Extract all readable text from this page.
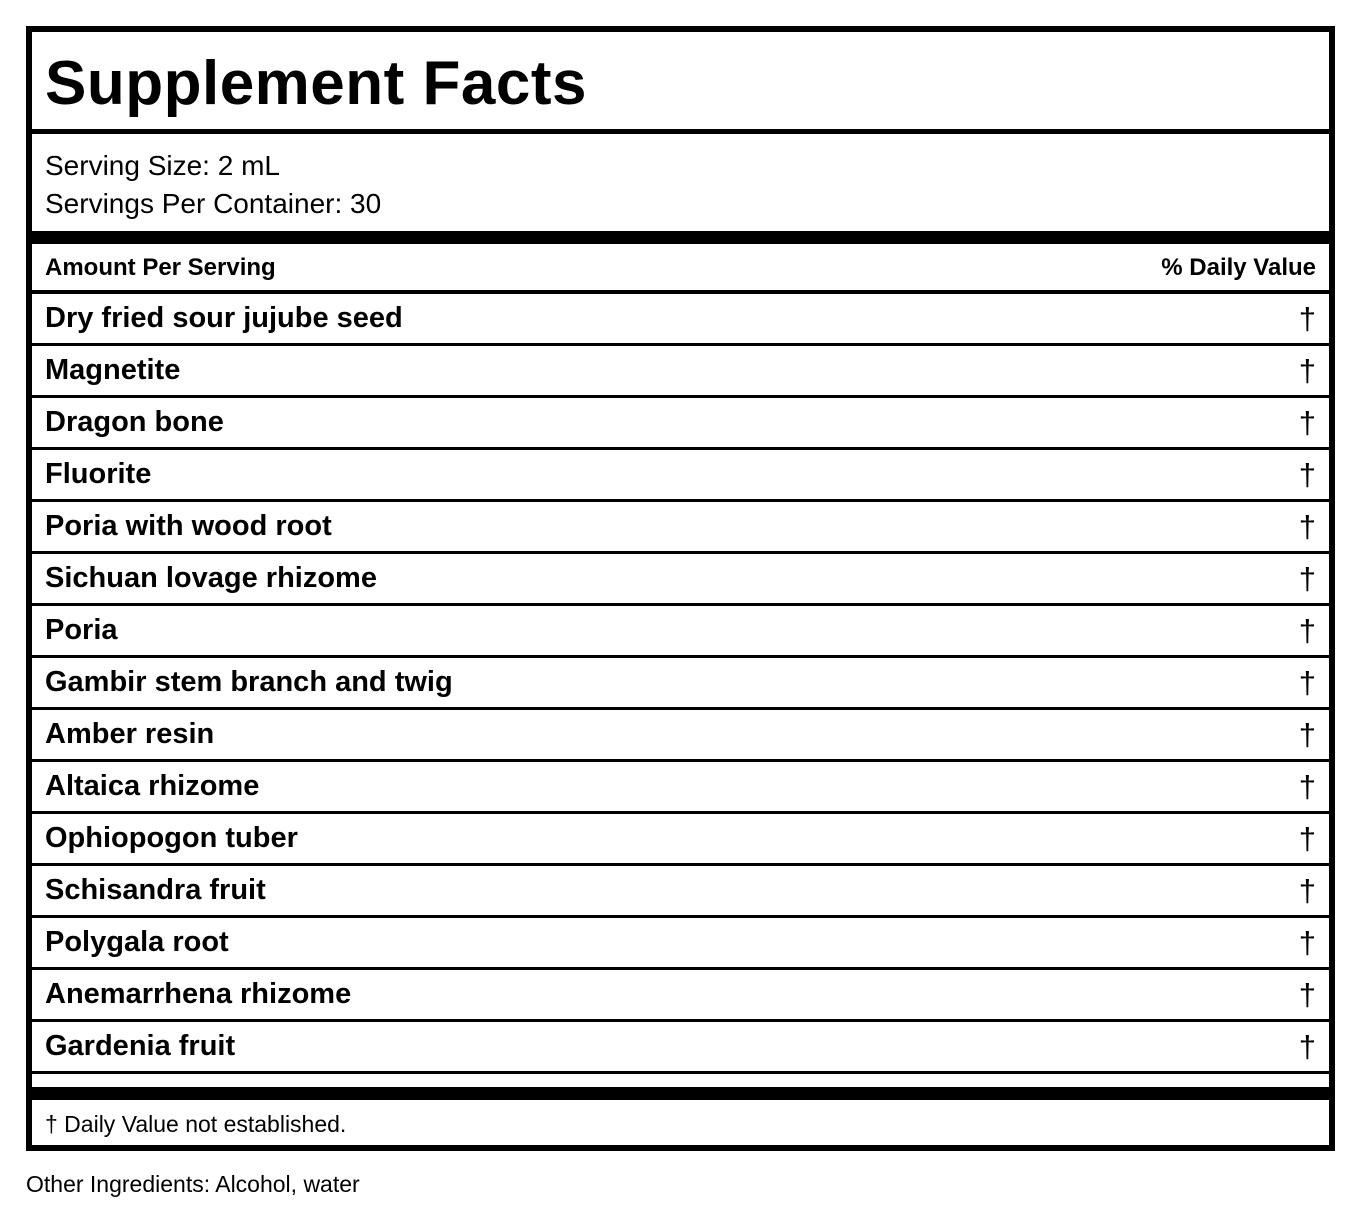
Supplement Facts
Serving Size: 2 mL
Servings Per Container: 30
Amount Per Serving	% Daily Value
Dry fried sour jujube seed	†
Magnetite	†
Dragon bone	†
Fluorite	†
Poria with wood root	†
Sichuan lovage rhizome	†
Poria	†
Gambir stem branch and twig	†
Amber resin	†
Altaica rhizome	†
Ophiopogon tuber	†
Schisandra fruit	†
Polygala root	†
Anemarrhena rhizome	†
Gardenia fruit	†
† Daily Value not established.
Other Ingredients: Alcohol, water
